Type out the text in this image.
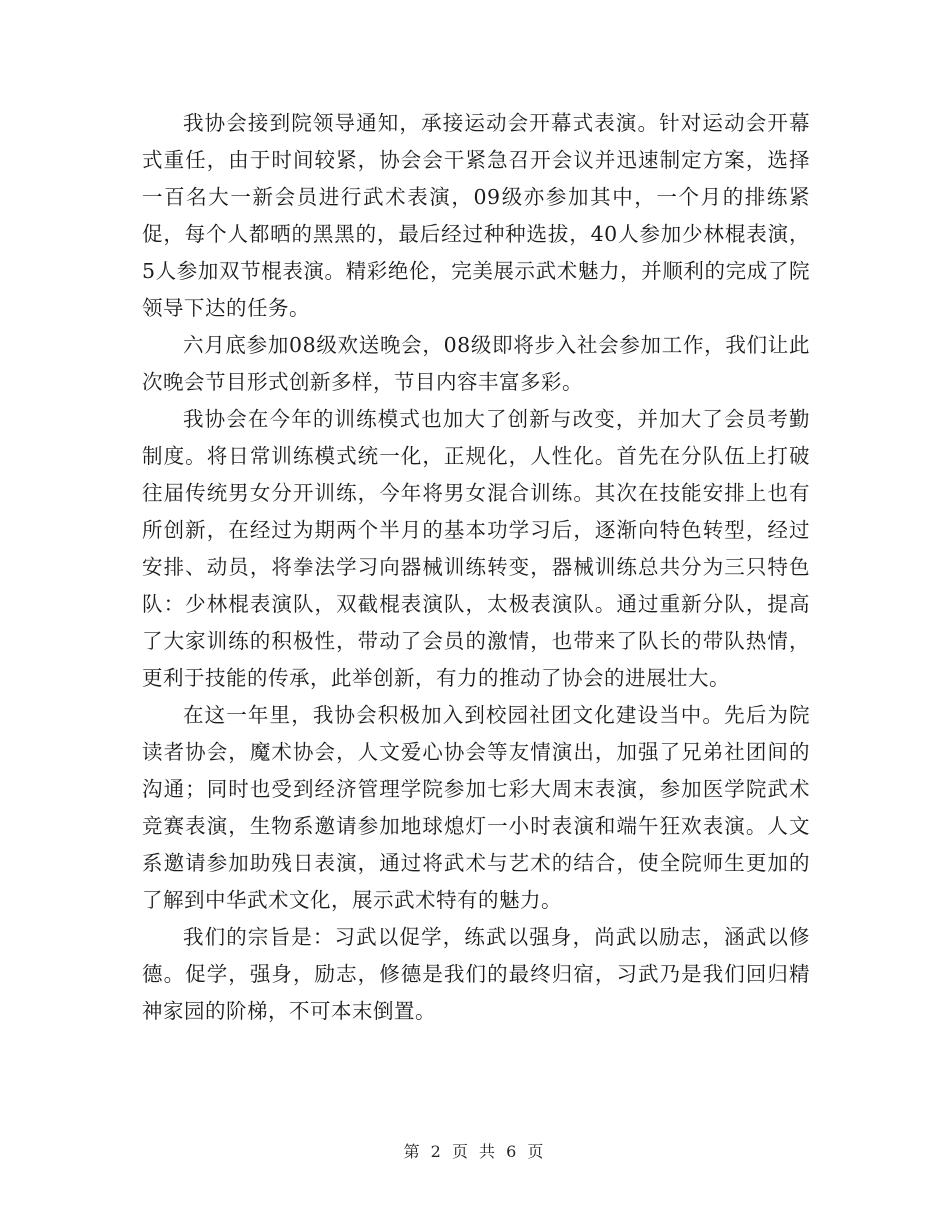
我协会接到院领导通知，承接运动会开幕式表演。针对运动会开幕式重任，由于时间较紧，协会会干紧急召开会议并迅速制定方案，选择一百名大一新会员进行武术表演，09级亦参加其中，一个月的排练紧促，每个人都晒的黑黑的，最后经过种种选拔，40人参加少林棍表演，5人参加双节棍表演。精彩绝伦，完美展示武术魅力，并顺利的完成了院领导下达的任务。

六月底参加08级欢送晚会，08级即将步入社会参加工作，我们让此次晚会节目形式创新多样，节目内容丰富多彩。

我协会在今年的训练模式也加大了创新与改变，并加大了会员考勤制度。将日常训练模式统一化，正规化，人性化。首先在分队伍上打破往届传统男女分开训练，今年将男女混合训练。其次在技能安排上也有所创新，在经过为期两个半月的基本功学习后，逐渐向特色转型，经过安排、动员，将拳法学习向器械训练转变，器械训练总共分为三只特色队：少林棍表演队，双截棍表演队，太极表演队。通过重新分队，提高了大家训练的积极性，带动了会员的激情，也带来了队长的带队热情，更利于技能的传承，此举创新，有力的推动了协会的进展壮大。

在这一年里，我协会积极加入到校园社团文化建设当中。先后为院读者协会，魔术协会，人文爱心协会等友情演出，加强了兄弟社团间的沟通；同时也受到经济管理学院参加七彩大周末表演，参加医学院武术竞赛表演，生物系邀请参加地球熄灯一小时表演和端午狂欢表演。人文系邀请参加助残日表演，通过将武术与艺术的结合，使全院师生更加的了解到中华武术文化，展示武术特有的魅力。

我们的宗旨是：习武以促学，练武以强身，尚武以励志，涵武以修德。促学，强身，励志，修德是我们的最终归宿，习武乃是我们回归精神家园的阶梯，不可本末倒置。

第 2 页 共 6 页
